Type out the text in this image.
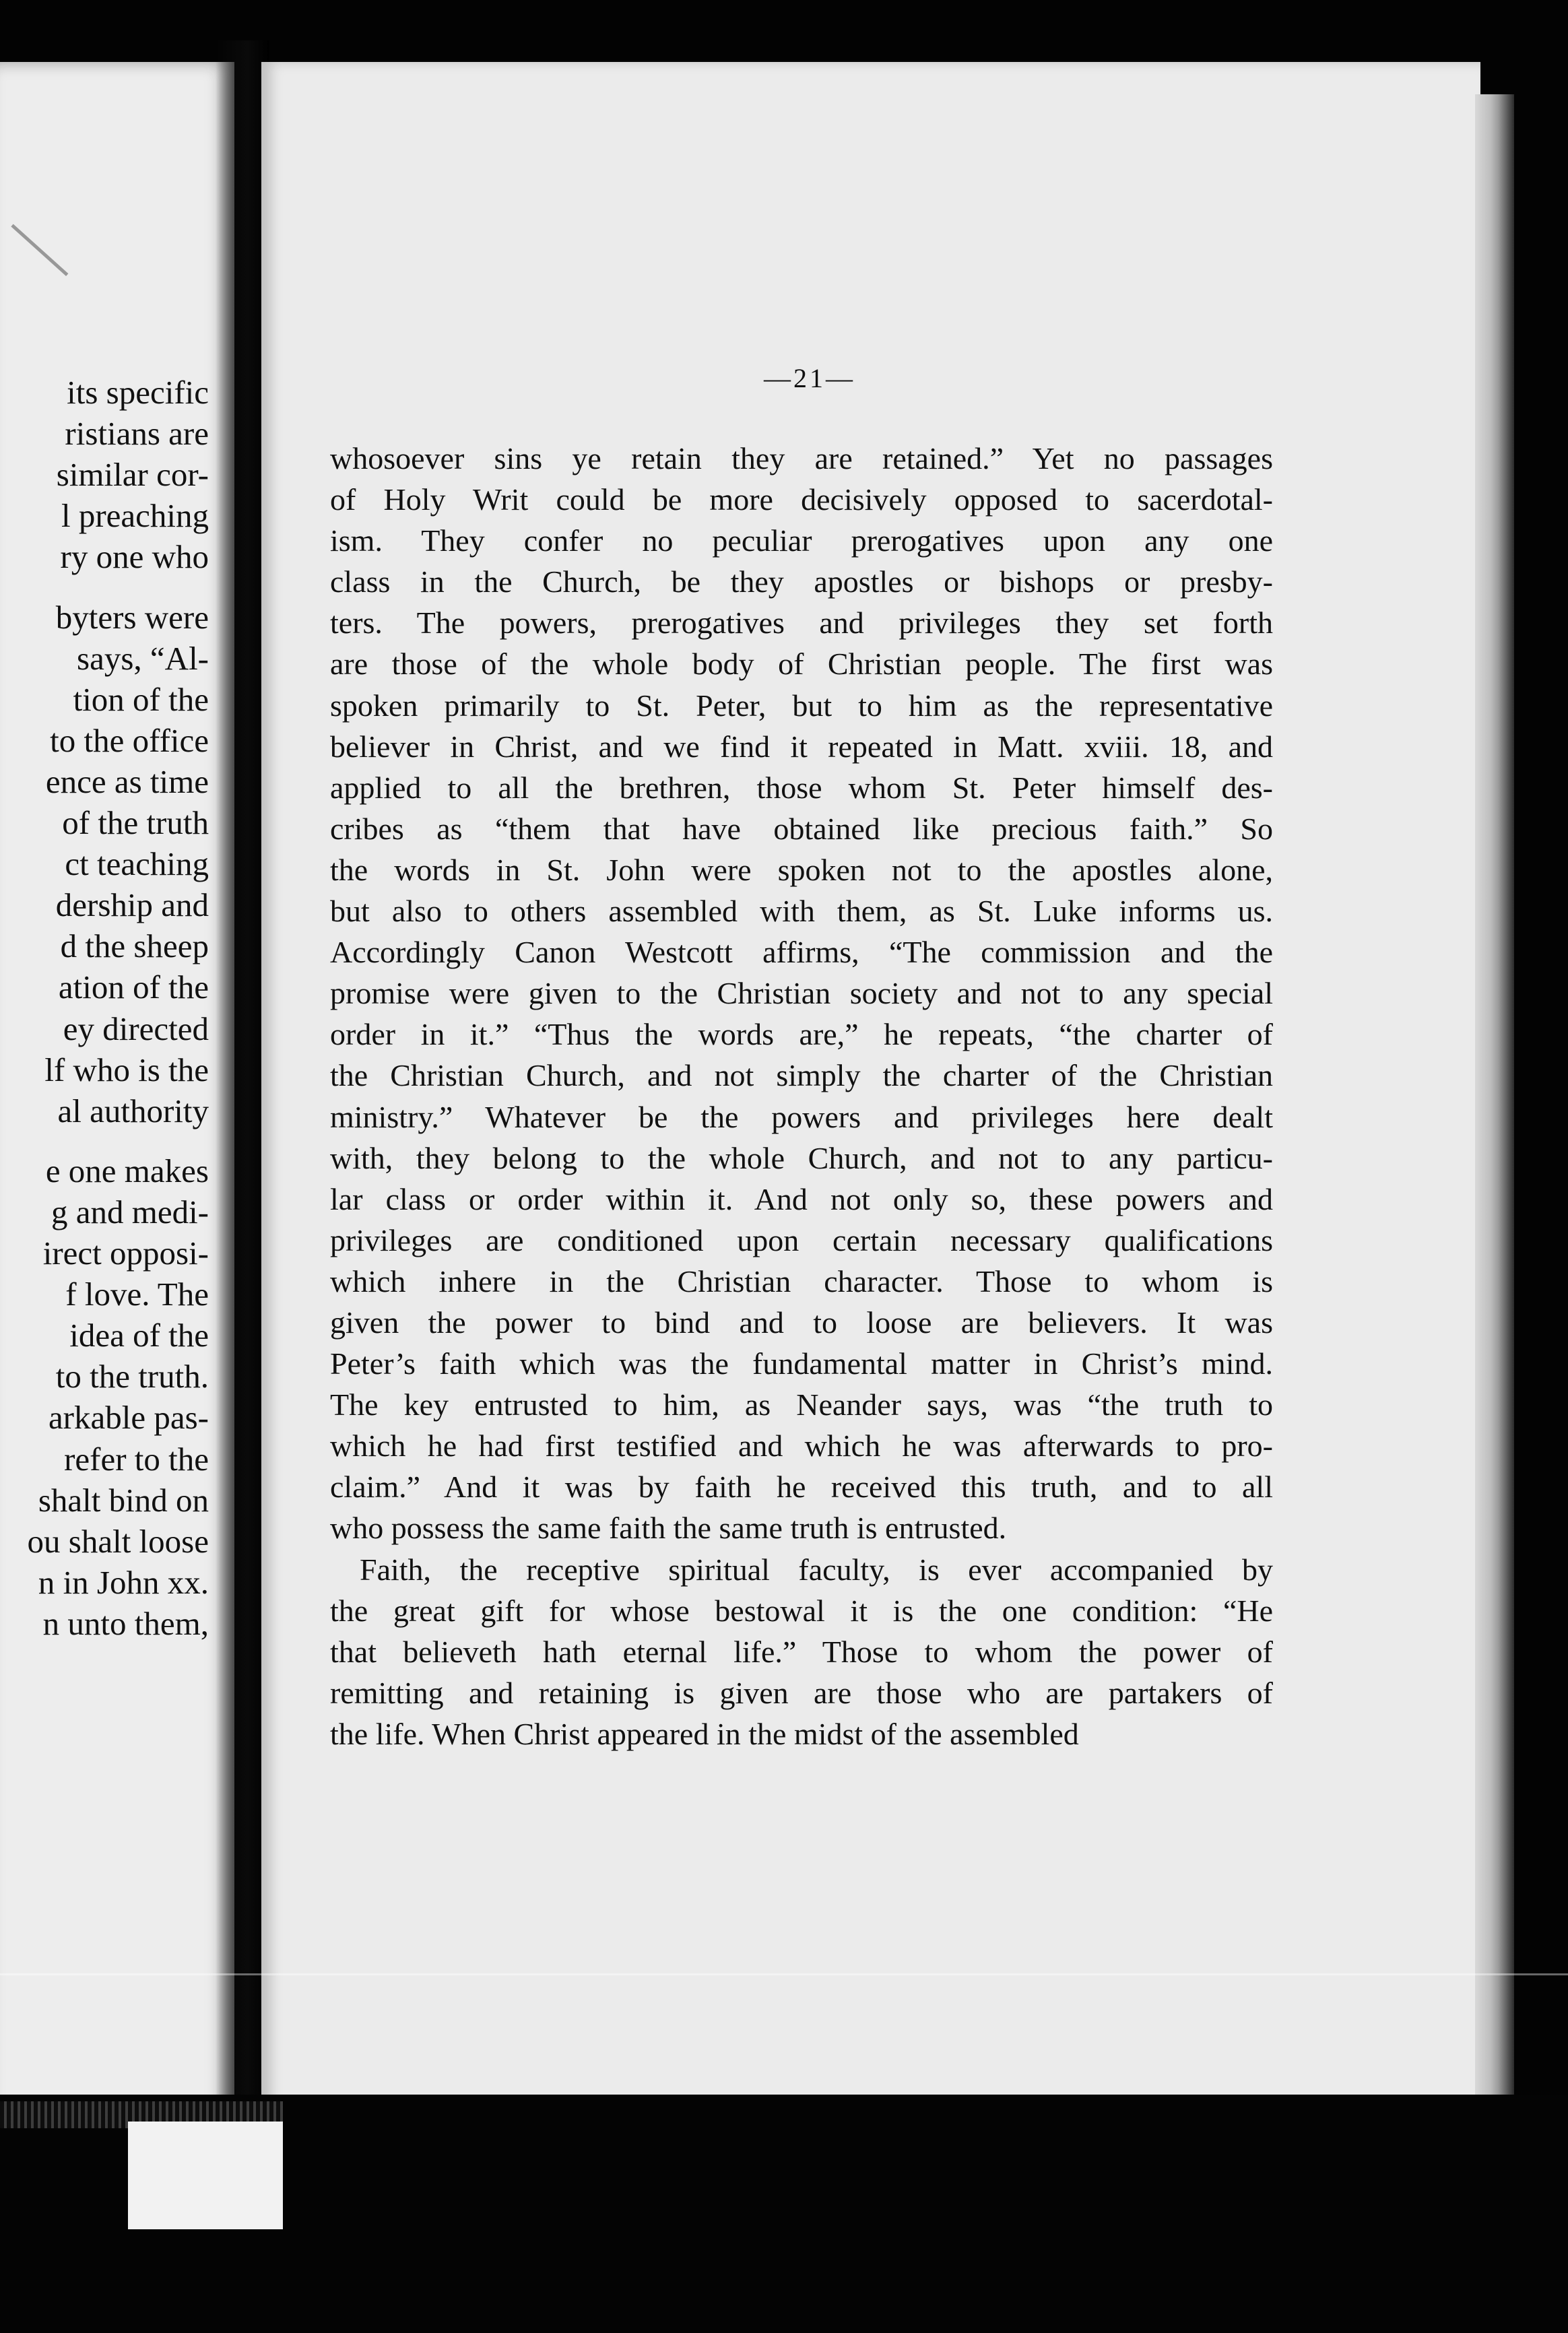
its specific
ristians are
similar cor-
l preaching
ry one who
byters were
says, “Al-
tion of the
to the office
ence as time
of the truth
ct teaching
dership and
d the sheep
ation of the
ey directed
lf who is the
al authority
e one makes
g and medi-
irect opposi-
f love. The
idea of the
to the truth.
arkable pas-
refer to the
shalt bind on
ou shalt loose
n in John xx.
n unto them,
—21—
whosoever sins ye retain they are retained.” Yet no passages
of Holy Writ could be more decisively opposed to sacerdotal-
ism. They confer no peculiar prerogatives upon any one
class in the Church, be they apostles or bishops or presby-
ters. The powers, prerogatives and privileges they set forth
are those of the whole body of Christian people. The first was
spoken primarily to St. Peter, but to him as the representative
believer in Christ, and we find it repeated in Matt. xviii. 18, and
applied to all the brethren, those whom St. Peter himself des-
cribes as “them that have obtained like precious faith.” So
the words in St. John were spoken not to the apostles alone,
but also to others assembled with them, as St. Luke informs us.
Accordingly Canon Westcott affirms, “The commission and the
promise were given to the Christian society and not to any special
order in it.” “Thus the words are,” he repeats, “the charter of
the Christian Church, and not simply the charter of the Christian
ministry.” Whatever be the powers and privileges here dealt
with, they belong to the whole Church, and not to any particu-
lar class or order within it. And not only so, these powers and
privileges are conditioned upon certain necessary qualifications
which inhere in the Christian character. Those to whom is
given the power to bind and to loose are believers. It was
Peter’s faith which was the fundamental matter in Christ’s mind.
The key entrusted to him, as Neander says, was “the truth to
which he had first testified and which he was afterwards to pro-
claim.” And it was by faith he received this truth, and to all
who possess the same faith the same truth is entrusted.
Faith, the receptive spiritual faculty, is ever accompanied by
the great gift for whose bestowal it is the one condition: “He
that believeth hath eternal life.” Those to whom the power of
remitting and retaining is given are those who are partakers of
the life. When Christ appeared in the midst of the assembled
